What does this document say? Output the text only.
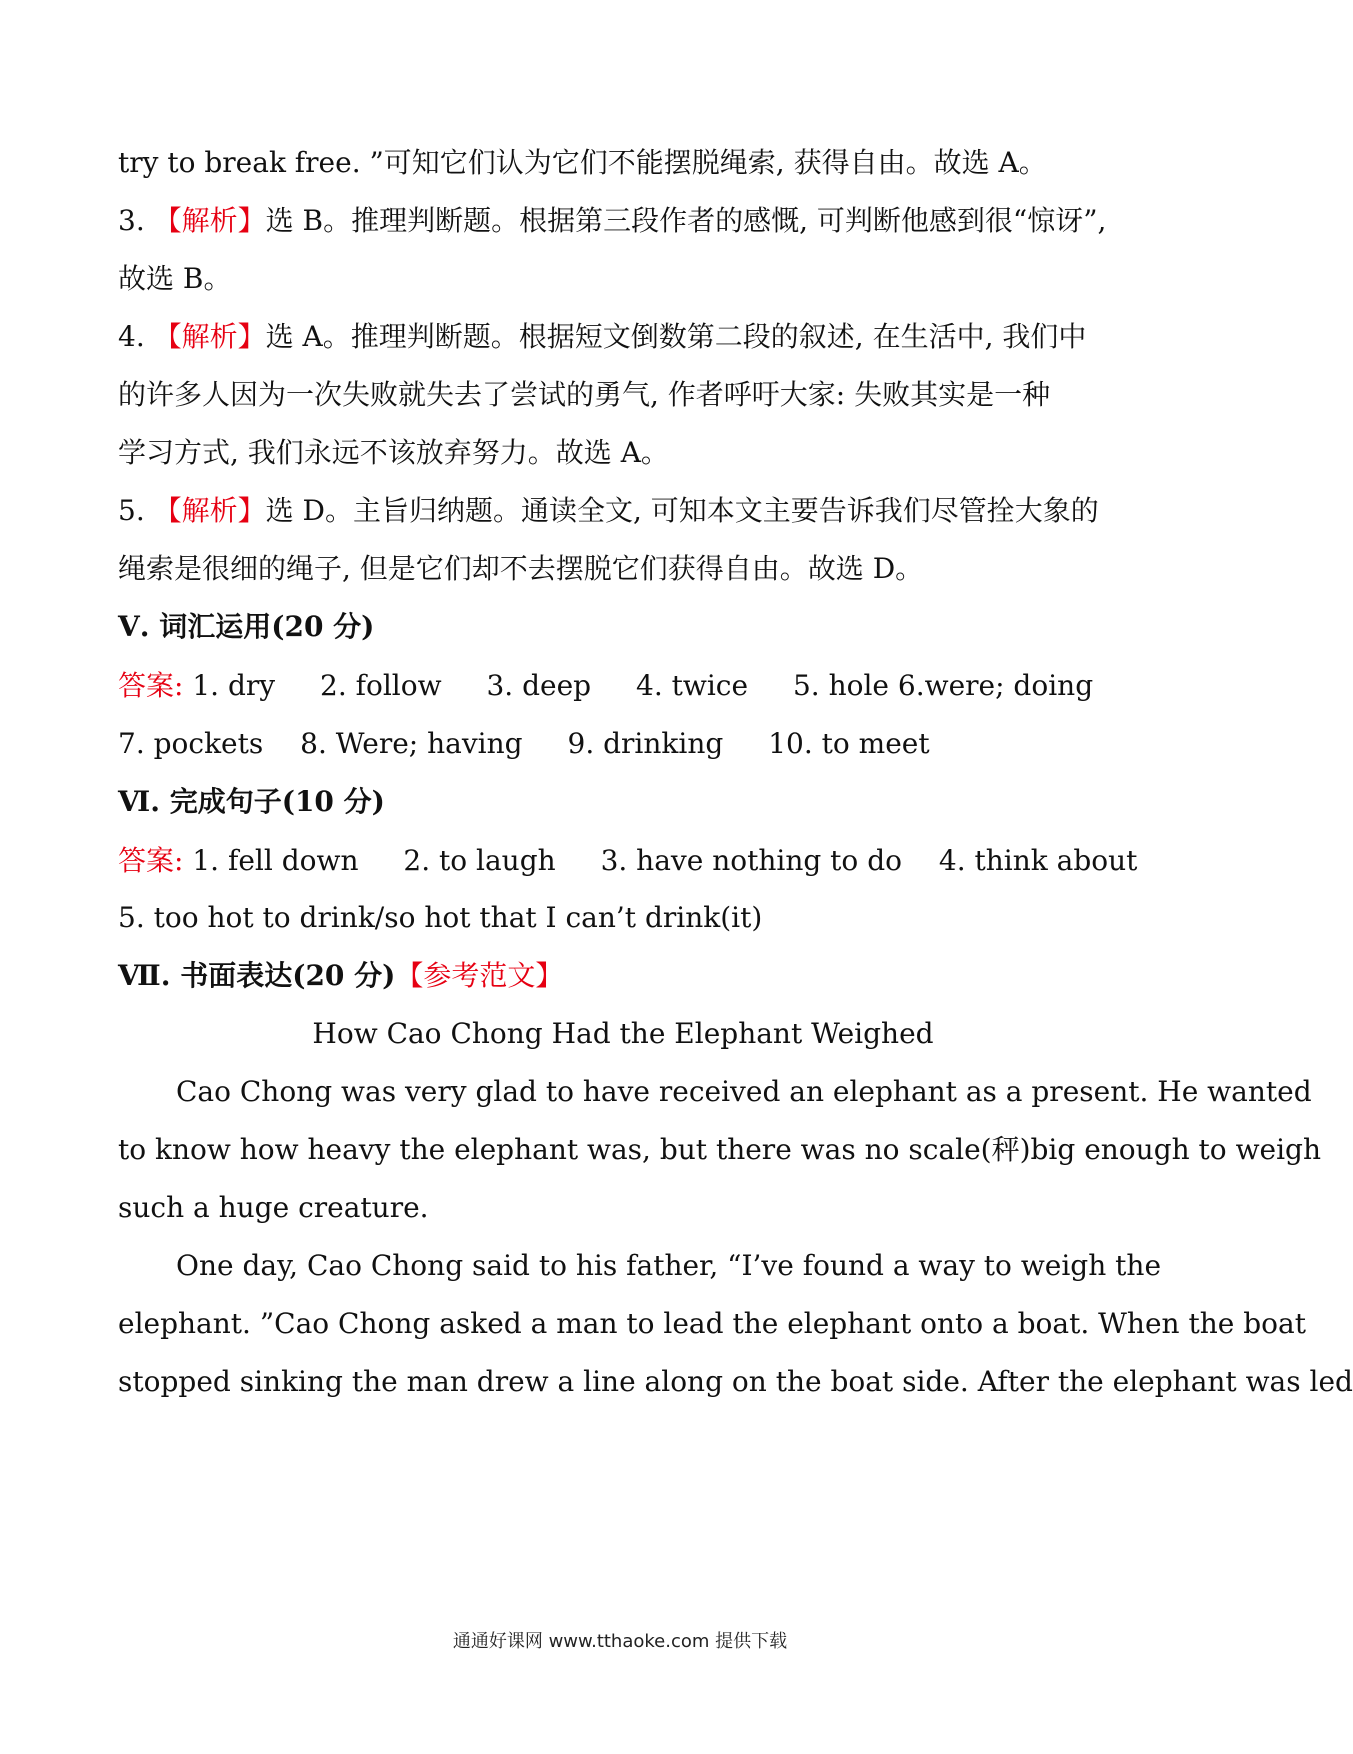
try to break free. ”可知它们认为它们不能摆脱绳索, 获得自由。故选 A。
3. 【解析】选 B。推理判断题。根据第三段作者的感慨, 可判断他感到很“惊讶”,
故选 B。
4. 【解析】选 A。推理判断题。根据短文倒数第二段的叙述, 在生活中, 我们中
的许多人因为一次失败就失去了尝试的勇气, 作者呼吁大家: 失败其实是一种
学习方式, 我们永远不该放弃努力。故选 A。
5. 【解析】选 D。主旨归纳题。通读全文, 可知本文主要告诉我们尽管拴大象的
绳索是很细的绳子, 但是它们却不去摆脱它们获得自由。故选 D。
Ⅴ. 词汇运用(20 分)
答案: 1. dry 2. follow 3. deep 4. twice 5. hole 6.were; doing
7. pockets 8. Were; having 9. drinking 10. to meet
Ⅵ. 完成句子(10 分)
答案: 1. fell down 2. to laugh 3. have nothing to do 4. think about
5. too hot to drink/so hot that I can’t drink(it)
Ⅶ. 书面表达(20 分)【参考范文】
How Cao Chong Had the Elephant Weighed
Cao Chong was very glad to have received an elephant as a present. He wanted
to know how heavy the elephant was, but there was no scale(秤)big enough to weigh
such a huge creature.
One day, Cao Chong said to his father, “I’ve found a way to weigh the
elephant. ”Cao Chong asked a man to lead the elephant onto a boat. When the boat
stopped sinking the man drew a line along on the boat side. After the elephant was led
通通好课网 www.tthaoke.com 提供下载
